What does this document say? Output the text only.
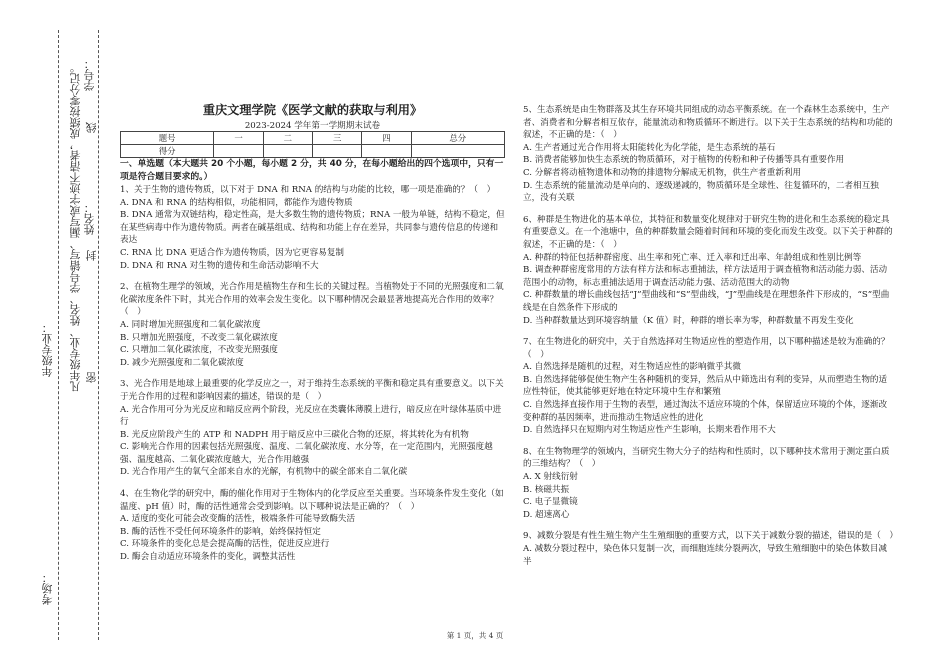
线
封
密
凡年级专业、姓名、学号错写、漏写或字迹不清者，成绩按零分记。 学号：
姓名：
年级专业：
考场：
重庆文理学院《医学文献的获取与利用》
2023-2024 学年第一学期期末试卷
题号	一	二	三	四	总分
得分					

一、单选题（本大题共 20 个小题，每小题 2 分，共 40 分，在每小题给出的四个选项中，只有一项是符合题目要求的。）

1、关于生物的遗传物质，以下对于 DNA 和 RNA 的结构与功能的比较，哪一项是准确的？（　）

A. DNA 和 RNA 的结构相似，功能相同，都能作为遗传物质

B. DNA 通常为双链结构，稳定性高，是大多数生物的遗传物质；RNA 一般为单链，结构不稳定，但在某些病毒中作为遗传物质。两者在碱基组成、结构和功能上存在差异，共同参与遗传信息的传递和表达

C. RNA 比 DNA 更适合作为遗传物质，因为它更容易复制

D. DNA 和 RNA 对生物的遗传和生命活动影响不大

2、在植物生理学的领域，光合作用是植物生存和生长的关键过程。当植物处于不同的光照强度和二氧化碳浓度条件下时，其光合作用的效率会发生变化。以下哪种情况会最显著地提高光合作用的效率？（　）

A. 同时增加光照强度和二氧化碳浓度

B. 只增加光照强度，不改变二氧化碳浓度

C. 只增加二氧化碳浓度，不改变光照强度

D. 减少光照强度和二氧化碳浓度

3、光合作用是地球上最重要的化学反应之一，对于维持生态系统的平衡和稳定具有重要意义。以下关于光合作用的过程和影响因素的描述，错误的是（　）

A. 光合作用可分为光反应和暗反应两个阶段，光反应在类囊体薄膜上进行，暗反应在叶绿体基质中进行

B. 光反应阶段产生的 ATP 和 NADPH 用于暗反应中三碳化合物的还原，将其转化为有机物

C. 影响光合作用的因素包括光照强度、温度、二氧化碳浓度、水分等，在一定范围内，光照强度越强、温度越高、二氧化碳浓度越大，光合作用越强

D. 光合作用产生的氧气全部来自水的光解，有机物中的碳全部来自二氧化碳

4、在生物化学的研究中，酶的催化作用对于生物体内的化学反应至关重要。当环境条件发生变化（如温度、pH 值）时，酶的活性通常会受到影响。以下哪种说法是正确的？（　）

A. 适度的变化可能会改变酶的活性，极端条件可能导致酶失活

B. 酶的活性不受任何环境条件的影响，始终保持恒定

C. 环境条件的变化总是会提高酶的活性，促进反应进行

D. 酶会自动适应环境条件的变化，调整其活性

5、生态系统是由生物群落及其生存环境共同组成的动态平衡系统。在一个森林生态系统中，生产者、消费者和分解者相互依存，能量流动和物质循环不断进行。以下关于生态系统的结构和功能的叙述，不正确的是：（　）

A. 生产者通过光合作用将太阳能转化为化学能，是生态系统的基石

B. 消费者能够加快生态系统的物质循环，对于植物的传粉和种子传播等具有重要作用

C. 分解者将动植物遗体和动物的排遗物分解成无机物，供生产者重新利用

D. 生态系统的能量流动是单向的、逐级递减的，物质循环是全球性、往复循环的，二者相互独立，没有关联

6、种群是生物进化的基本单位，其特征和数量变化规律对于研究生物的进化和生态系统的稳定具有重要意义。在一个池塘中，鱼的种群数量会随着时间和环境的变化而发生改变。以下关于种群的叙述，不正确的是：（　）

A. 种群的特征包括种群密度、出生率和死亡率、迁入率和迁出率、年龄组成和性别比例等

B. 调查种群密度常用的方法有样方法和标志重捕法，样方法适用于调查植物和活动能力弱、活动范围小的动物，标志重捕法适用于调查活动能力强、活动范围大的动物

C. 种群数量的增长曲线包括“J”型曲线和“S”型曲线，“J”型曲线是在理想条件下形成的，“S”型曲线是在自然条件下形成的

D. 当种群数量达到环境容纳量（K 值）时，种群的增长率为零，种群数量不再发生变化

7、在生物进化的研究中，关于自然选择对生物适应性的塑造作用，以下哪种描述是较为准确的？（　）

A. 自然选择是随机的过程，对生物适应性的影响微乎其微

B. 自然选择能够促使生物产生各种随机的变异，然后从中筛选出有利的变异，从而塑造生物的适应性特征，使其能够更好地在特定环境中生存和繁殖

C. 自然选择直接作用于生物的表型，通过淘汰不适应环境的个体，保留适应环境的个体，逐渐改变种群的基因频率，进而推动生物适应性的进化

D. 自然选择只在短期内对生物适应性产生影响，长期来看作用不大

8、在生物物理学的领域内，当研究生物大分子的结构和性质时，以下哪种技术常用于测定蛋白质的三维结构？（　）

A. X 射线衍射

B. 核磁共振

C. 电子显微镜

D. 超速离心

9、减数分裂是有性生殖生物产生生殖细胞的重要方式，以下关于减数分裂的描述，错误的是（　）

A. 减数分裂过程中，染色体只复制一次，而细胞连续分裂两次，导致生殖细胞中的染色体数目减半

第 1 页，共 4 页
